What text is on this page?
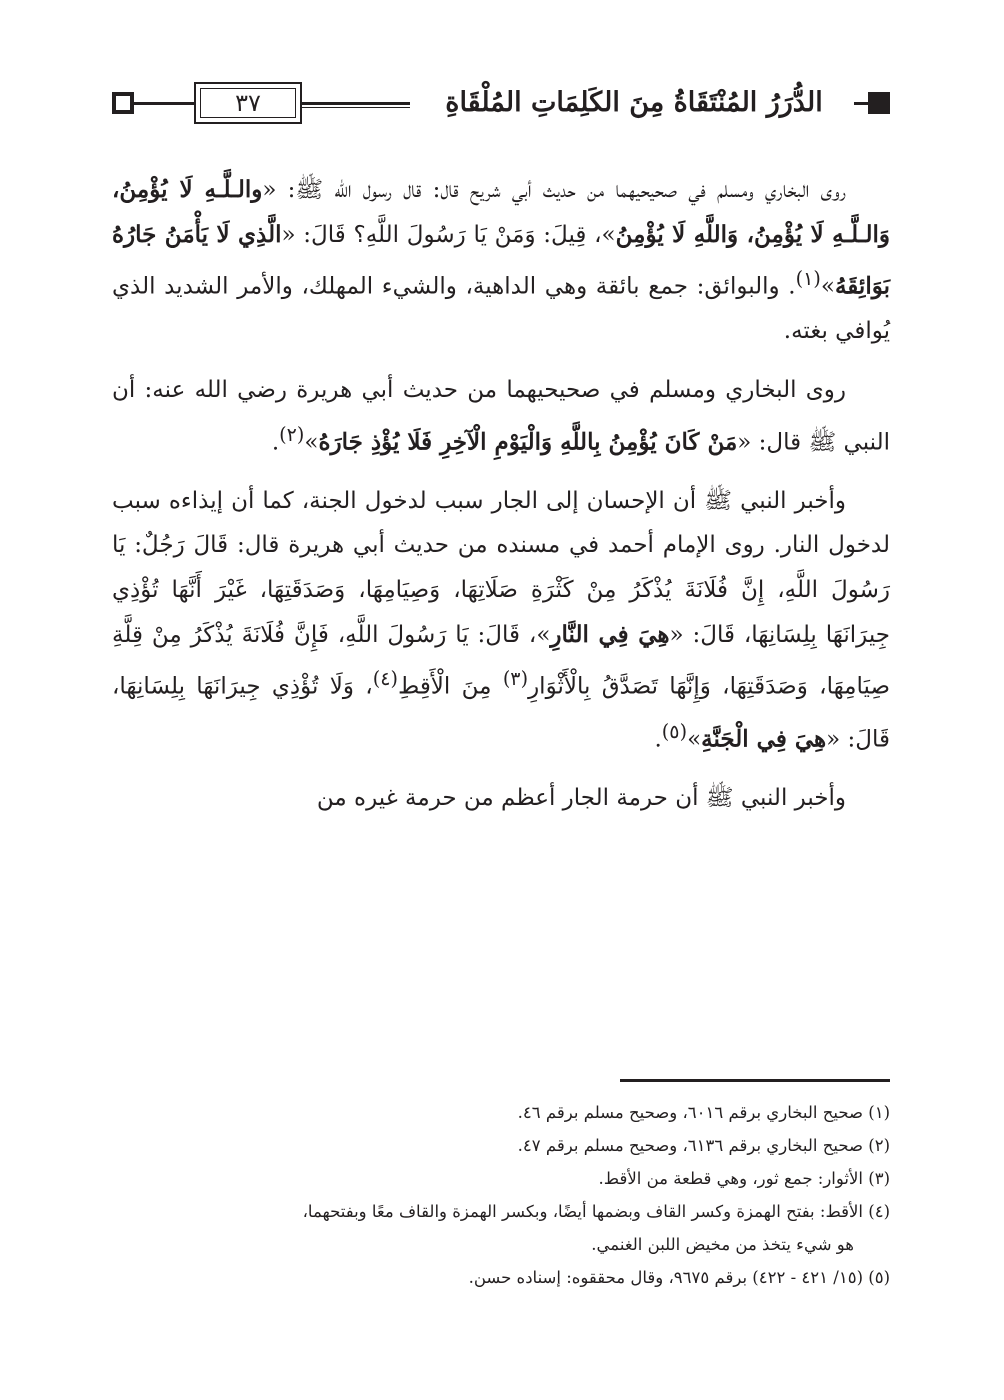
٣٧	الدُّرَرُ المُنْتَقَاةُ مِنَ الكَلِمَاتِ المُلْقَاةِ

روى البخاري ومسلم في صحيحيهما من حديث أبي شريح قال: قال رسول الله ﷺ: «والـلَّـهِ لَا يُؤْمِنُ، وَالـلَّـهِ لَا يُؤْمِنُ، وَاللَّهِ لَا يُؤْمِنُ»، قِيلَ: وَمَنْ يَا رَسُولَ اللَّهِ؟ قَالَ: «الَّذِي لَا يَأْمَنُ جَارُهُ بَوَائِقَهُ»$^{(١)}$. والبوائق: جمع بائقة وهي الداهية، والشيء المهلك، والأمر الشديد الذي يُوافي بغته.

روى البخاري ومسلم في صحيحيهما من حديث أبي هريرة رضي الله عنه: أن النبي ﷺ قال: «مَنْ كَانَ يُؤْمِنُ بِاللَّهِ وَالْيَوْمِ الْآخِرِ فَلَا يُؤْذِ جَارَهُ»$^{(٢)}$.

وأخبر النبي ﷺ أن الإحسان إلى الجار سبب لدخول الجنة، كما أن إيذاءه سبب لدخول النار. روى الإمام أحمد في مسنده من حديث أبي هريرة قال: قَالَ رَجُلٌ: يَا رَسُولَ اللَّهِ، إِنَّ فُلَانَةَ يُذْكَرُ مِنْ كَثْرَةِ صَلَاتِهَا، وَصِيَامِهَا، وَصَدَقَتِهَا، غَيْرَ أَنَّهَا تُؤْذِي جِيرَانَهَا بِلِسَانِهَا، قَالَ: «هِيَ فِي النَّارِ»، قَالَ: يَا رَسُولَ اللَّهِ، فَإِنَّ فُلَانَةَ يُذْكَرُ مِنْ قِلَّةِ صِيَامِهَا، وَصَدَقَتِهَا، وَإِنَّهَا تَصَدَّقُ بِالْأَثْوَارِ$^{(٣)}$ مِنَ الْأَقِطِ$^{(٤)}$، وَلَا تُؤْذِي جِيرَانَهَا بِلِسَانِهَا، قَالَ: «هِيَ فِي الْجَنَّةِ»$^{(٥)}$.

وأخبر النبي ﷺ أن حرمة الجار أعظم من حرمة غيره من

(١) صحيح البخاري برقم ٦٠١٦، وصحيح مسلم برقم ٤٦.
(٢) صحيح البخاري برقم ٦١٣٦، وصحيح مسلم برقم ٤٧.
(٣) الأثوار: جمع ثور، وهي قطعة من الأقط.
(٤) الأقط: بفتح الهمزة وكسر القاف وبضمها أيضًا، وبكسر الهمزة والقاف معًا وبفتحهما،
هو شيء يتخذ من مخيض اللبن الغنمي.
(٥) (١٥/ ٤٢١ - ٤٢٢) برقم ٩٦٧٥، وقال محققوه: إسناده حسن.
